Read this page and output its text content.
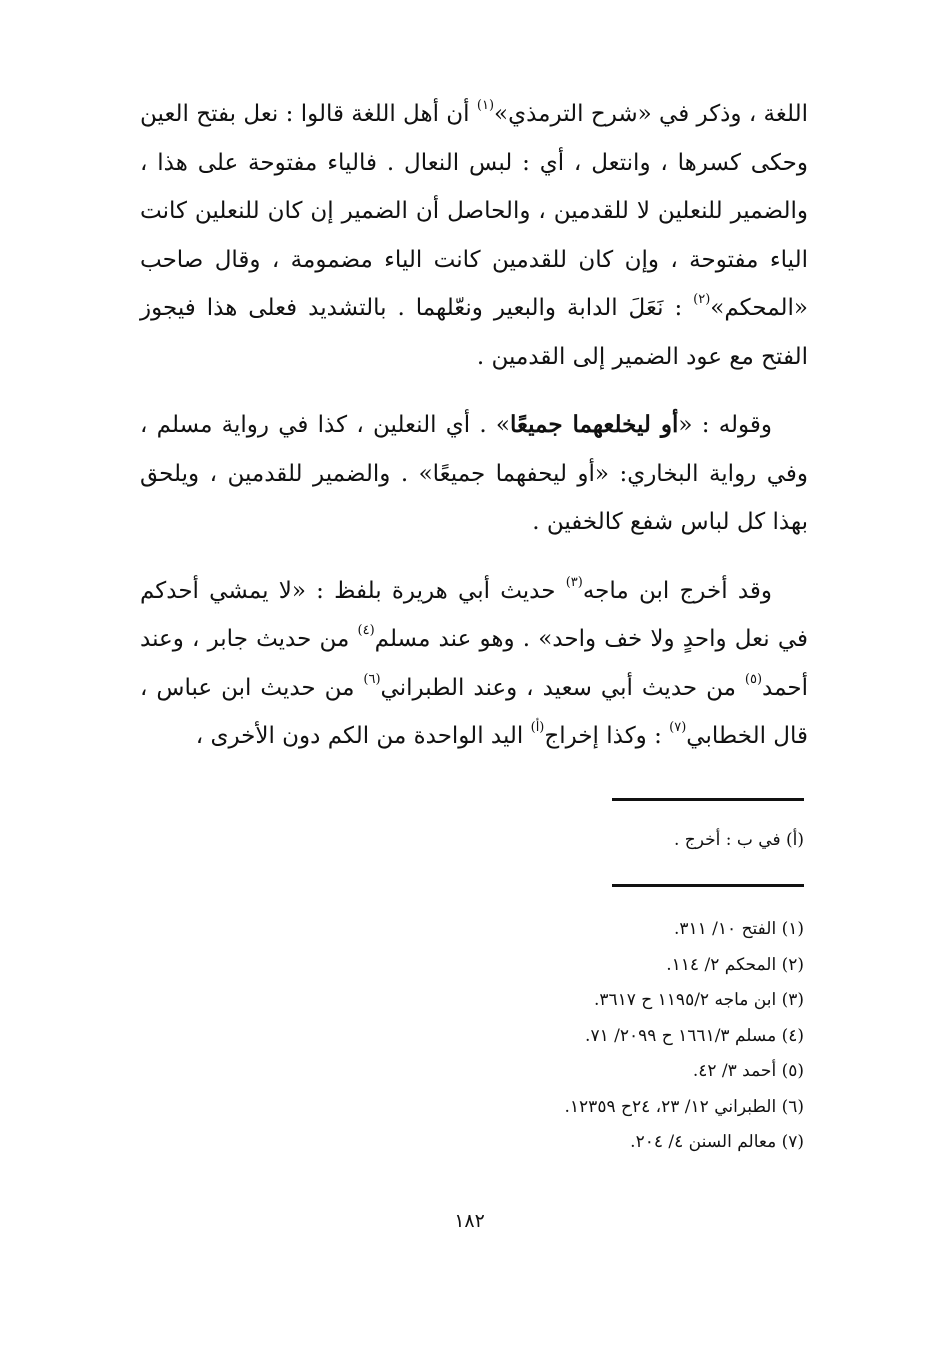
اللغة ، وذكر في «شرح الترمذي»$^{(١)}$ أن أهل اللغة قالوا : نعل بفتح العين وحكى كسرها ، وانتعل ، أي : لبس النعال . فالياء مفتوحة على هذا ، والضمير للنعلين لا للقدمين ، والحاصل أن الضمير إن كان للنعلين كانت الياء مفتوحة ، وإن كان للقدمين كانت الياء مضمومة ، وقال صاحب «المحكم»$^{(٢)}$ : نَعَلَ الدابة والبعير ونعّلهما . بالتشديد فعلى هذا فيجوز الفتح مع عود الضمير إلى القدمين .

وقوله : «أو ليخلعهما جميعًا» . أي النعلين ، كذا في رواية مسلم ، وفي رواية البخاري: «أو ليحفهما جميعًا» . والضمير للقدمين ، ويلحق بهذا كل لباس شفع كالخفين .

وقد أخرج ابن ماجه$^{(٣)}$ حديث أبي هريرة بلفظ : «لا يمشي أحدكم في نعل واحدٍ ولا خف واحد» . وهو عند مسلم$^{(٤)}$ من حديث جابر ، وعند أحمد$^{(٥)}$ من حديث أبي سعيد ، وعند الطبراني$^{(٦)}$ من حديث ابن عباس ، قال الخطابي$^{(٧)}$ : وكذا إخراج$^{(أ)}$ اليد الواحدة من الكم دون الأخرى ،

(أ) في ب : أخرج .
(١) الفتح ١٠/ ٣١١.
(٢) المحكم ٢/ ١١٤.
(٣) ابن ماجه ١١٩٥/٢ ح ٣٦١٧.
(٤) مسلم ١٦٦١/٣ ح ٢٠٩٩/ ٧١.
(٥) أحمد ٣/ ٤٢.
(٦) الطبراني ١٢/ ٢٣، ٢٤ح ١٢٣٥٩.
(٧) معالم السنن ٤/ ٢٠٤.
١٨٢
